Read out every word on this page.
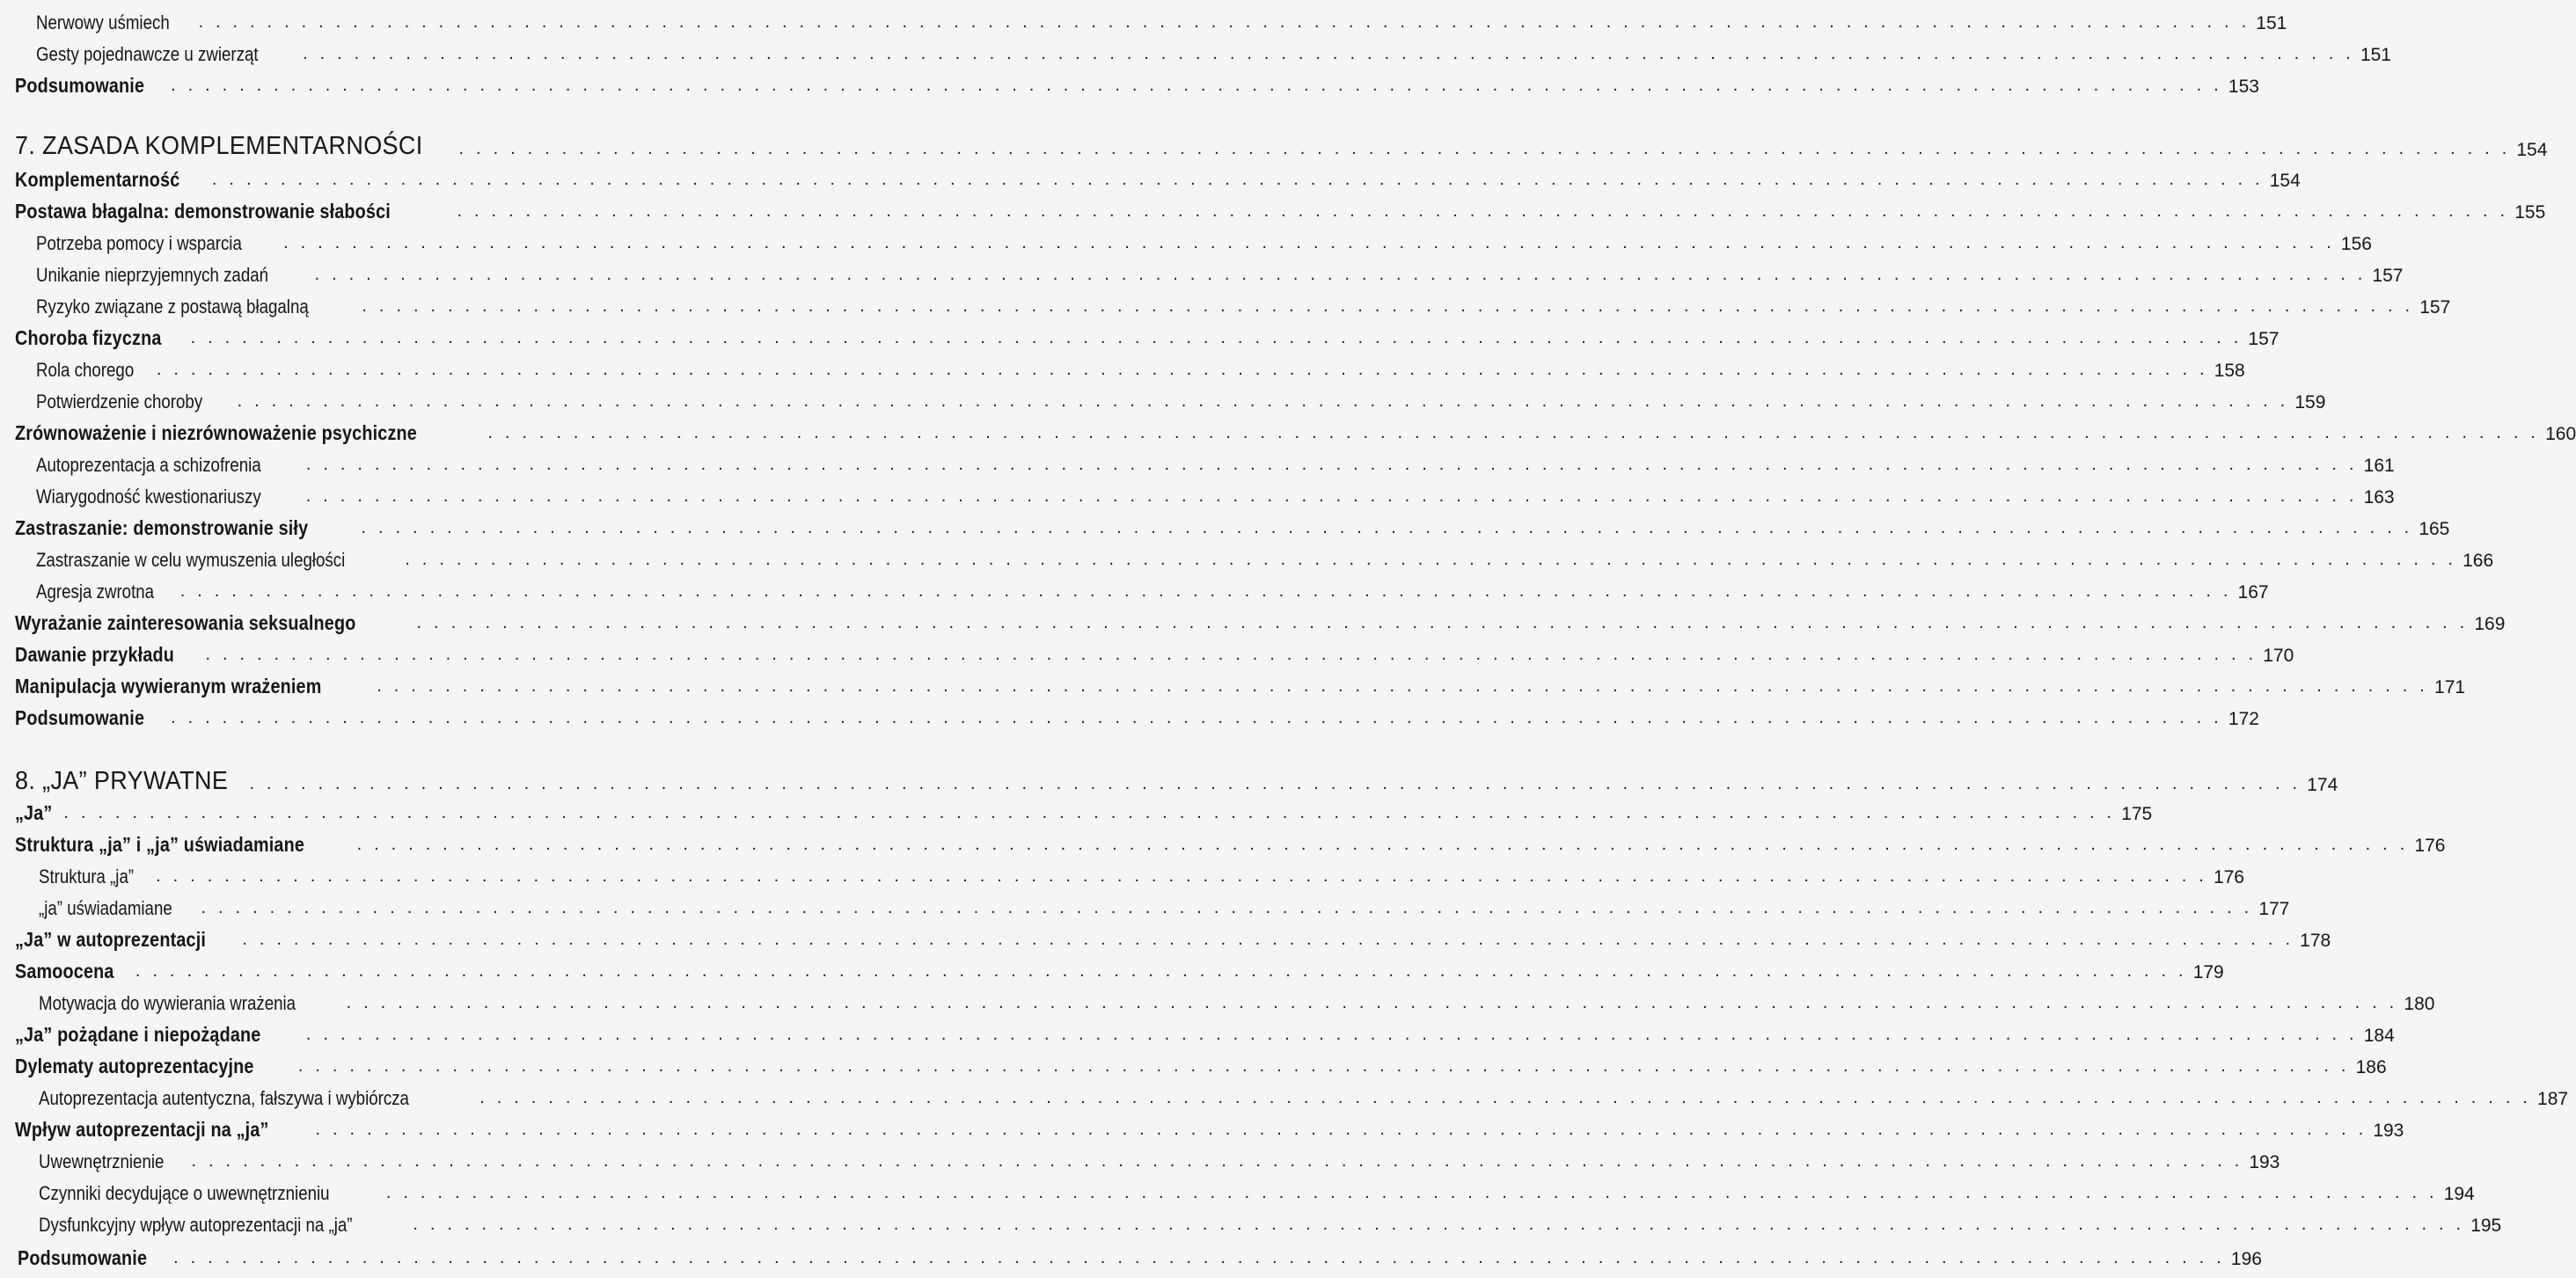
Nerwowy uśmiech . . . . . . . . . . . . . . . . . . . . . . . . . . . . . . . . . . . . . . . . . . . . . . . . . . . . . . . . . . . . . . . . . . . . . . . . . . . . . . . . . . . . . . . . . . . . . . . . . . . . . . . . . . . . . . . . . . . . . . . . 151
Gesty pojednawcze u zwierząt	. . . . . . . . . . . . . . . . . . . . . . . . . . . . . . . . . . . . . . . . . . . . . . . . . . . . . . . . . . . . . . . . . . . . . . . . . . . . . . . . . . . . . . . . . . . . . . . . . . . . . . . . . . . . . . . . . . . . . . . . 151
Podsumowanie . . . . . . . . . . . . . . . . . . . . . . . . . . . . . . . . . . . . . . . . . . . . . . . . . . . . . . . . . . . . . . . . . . . . . . . . . . . . . . . . . . . . . . . . . . . . . . . . . . . . . . . . . . . . . . . . . . . . . . . . 153
7. ZASADA KOMPLEMENTARNOŚCI . . . . . . . . . . . . . . . . . . . . . . . . . . . . . . . . . . . . . . . . . . . . . . . . . . . . . . . . . . . . . . . . . . . . . . . . . . . . . . . . . . . . . . . . . . . . . . . . . . . . . . . . . . . . . . . . . . . . . . . . 154
Komplementarność . . . . . . . . . . . . . . . . . . . . . . . . . . . . . . . . . . . . . . . . . . . . . . . . . . . . . . . . . . . . . . . . . . . . . . . . . . . . . . . . . . . . . . . . . . . . . . . . . . . . . . . . . . . . . . . . . . . . . . . . 154
Postawa błagalna: demonstrowanie słabości	. . . . . . . . . . . . . . . . . . . . . . . . . . . . . . . . . . . . . . . . . . . . . . . . . . . . . . . . . . . . . . . . . . . . . . . . . . . . . . . . . . . . . . . . . . . . . . . . . . . . . . . . . . . . . . . . . . . . . . . . 155
Potrzeba pomocy i wsparcia . . . . . . . . . . . . . . . . . . . . . . . . . . . . . . . . . . . . . . . . . . . . . . . . . . . . . . . . . . . . . . . . . . . . . . . . . . . . . . . . . . . . . . . . . . . . . . . . . . . . . . . . . . . . . . . . . . . . . . . . 156
Unikanie nieprzyjemnych zadań	. . . . . . . . . . . . . . . . . . . . . . . . . . . . . . . . . . . . . . . . . . . . . . . . . . . . . . . . . . . . . . . . . . . . . . . . . . . . . . . . . . . . . . . . . . . . . . . . . . . . . . . . . . . . . . . . . . . . . . . . 157
Ryzyko związane z postawą błagalną	. . . . . . . . . . . . . . . . . . . . . . . . . . . . . . . . . . . . . . . . . . . . . . . . . . . . . . . . . . . . . . . . . . . . . . . . . . . . . . . . . . . . . . . . . . . . . . . . . . . . . . . . . . . . . . . . . . . . . . . . 157
Choroba fizyczna . . . . . . . . . . . . . . . . . . . . . . . . . . . . . . . . . . . . . . . . . . . . . . . . . . . . . . . . . . . . . . . . . . . . . . . . . . . . . . . . . . . . . . . . . . . . . . . . . . . . . . . . . . . . . . . . . . . . . . . . 157
Rola chorego . . . . . . . . . . . . . . . . . . . . . . . . . . . . . . . . . . . . . . . . . . . . . . . . . . . . . . . . . . . . . . . . . . . . . . . . . . . . . . . . . . . . . . . . . . . . . . . . . . . . . . . . . . . . . . . . . . . . . . . . 158
Potwierdzenie choroby . . . . . . . . . . . . . . . . . . . . . . . . . . . . . . . . . . . . . . . . . . . . . . . . . . . . . . . . . . . . . . . . . . . . . . . . . . . . . . . . . . . . . . . . . . . . . . . . . . . . . . . . . . . . . . . . . . . . . . . . 159
Zrównoważenie i niezrównoważenie psychiczne	. . . . . . . . . . . . . . . . . . . . . . . . . . . . . . . . . . . . . . . . . . . . . . . . . . . . . . . . . . . . . . . . . . . . . . . . . . . . . . . . . . . . . . . . . . . . . . . . . . . . . . . . . . . . . . . . . . . . . . . . 160
Autoprezentacja a schizofrenia	. . . . . . . . . . . . . . . . . . . . . . . . . . . . . . . . . . . . . . . . . . . . . . . . . . . . . . . . . . . . . . . . . . . . . . . . . . . . . . . . . . . . . . . . . . . . . . . . . . . . . . . . . . . . . . . . . . . . . . . . 161
Wiarygodność kwestionariuszy	. . . . . . . . . . . . . . . . . . . . . . . . . . . . . . . . . . . . . . . . . . . . . . . . . . . . . . . . . . . . . . . . . . . . . . . . . . . . . . . . . . . . . . . . . . . . . . . . . . . . . . . . . . . . . . . . . . . . . . . . 163
Zastraszanie: demonstrowanie siły	. . . . . . . . . . . . . . . . . . . . . . . . . . . . . . . . . . . . . . . . . . . . . . . . . . . . . . . . . . . . . . . . . . . . . . . . . . . . . . . . . . . . . . . . . . . . . . . . . . . . . . . . . . . . . . . . . . . . . . . . 165
Zastraszanie w celu wymuszenia uległości	. . . . . . . . . . . . . . . . . . . . . . . . . . . . . . . . . . . . . . . . . . . . . . . . . . . . . . . . . . . . . . . . . . . . . . . . . . . . . . . . . . . . . . . . . . . . . . . . . . . . . . . . . . . . . . . . . . . . . . . . 166
Agresja zwrotna . . . . . . . . . . . . . . . . . . . . . . . . . . . . . . . . . . . . . . . . . . . . . . . . . . . . . . . . . . . . . . . . . . . . . . . . . . . . . . . . . . . . . . . . . . . . . . . . . . . . . . . . . . . . . . . . . . . . . . . . 167
Wyrażanie zainteresowania seksualnego	. . . . . . . . . . . . . . . . . . . . . . . . . . . . . . . . . . . . . . . . . . . . . . . . . . . . . . . . . . . . . . . . . . . . . . . . . . . . . . . . . . . . . . . . . . . . . . . . . . . . . . . . . . . . . . . . . . . . . . . . 169
Dawanie przykładu . . . . . . . . . . . . . . . . . . . . . . . . . . . . . . . . . . . . . . . . . . . . . . . . . . . . . . . . . . . . . . . . . . . . . . . . . . . . . . . . . . . . . . . . . . . . . . . . . . . . . . . . . . . . . . . . . . . . . . . . 170
Manipulacja wywieranym wrażeniem	. . . . . . . . . . . . . . . . . . . . . . . . . . . . . . . . . . . . . . . . . . . . . . . . . . . . . . . . . . . . . . . . . . . . . . . . . . . . . . . . . . . . . . . . . . . . . . . . . . . . . . . . . . . . . . . . . . . . . . . . 171
Podsumowanie . . . . . . . . . . . . . . . . . . . . . . . . . . . . . . . . . . . . . . . . . . . . . . . . . . . . . . . . . . . . . . . . . . . . . . . . . . . . . . . . . . . . . . . . . . . . . . . . . . . . . . . . . . . . . . . . . . . . . . . . 172
8. „JA” PRYWATNE . . . . . . . . . . . . . . . . . . . . . . . . . . . . . . . . . . . . . . . . . . . . . . . . . . . . . . . . . . . . . . . . . . . . . . . . . . . . . . . . . . . . . . . . . . . . . . . . . . . . . . . . . . . . . . . . . . . . . . . . 174
„Ja” . . . . . . . . . . . . . . . . . . . . . . . . . . . . . . . . . . . . . . . . . . . . . . . . . . . . . . . . . . . . . . . . . . . . . . . . . . . . . . . . . . . . . . . . . . . . . . . . . . . . . . . . . . . . . . . . . . . . . . . . 175
Struktura „ja” i „ja” uświadamiane	. . . . . . . . . . . . . . . . . . . . . . . . . . . . . . . . . . . . . . . . . . . . . . . . . . . . . . . . . . . . . . . . . . . . . . . . . . . . . . . . . . . . . . . . . . . . . . . . . . . . . . . . . . . . . . . . . . . . . . . . 176
Struktura „ja” . . . . . . . . . . . . . . . . . . . . . . . . . . . . . . . . . . . . . . . . . . . . . . . . . . . . . . . . . . . . . . . . . . . . . . . . . . . . . . . . . . . . . . . . . . . . . . . . . . . . . . . . . . . . . . . . . . . . . . . . 176
„ja” uświadamiane . . . . . . . . . . . . . . . . . . . . . . . . . . . . . . . . . . . . . . . . . . . . . . . . . . . . . . . . . . . . . . . . . . . . . . . . . . . . . . . . . . . . . . . . . . . . . . . . . . . . . . . . . . . . . . . . . . . . . . . . 177
„Ja” w autoprezentacji . . . . . . . . . . . . . . . . . . . . . . . . . . . . . . . . . . . . . . . . . . . . . . . . . . . . . . . . . . . . . . . . . . . . . . . . . . . . . . . . . . . . . . . . . . . . . . . . . . . . . . . . . . . . . . . . . . . . . . . . 178
Samoocena . . . . . . . . . . . . . . . . . . . . . . . . . . . . . . . . . . . . . . . . . . . . . . . . . . . . . . . . . . . . . . . . . . . . . . . . . . . . . . . . . . . . . . . . . . . . . . . . . . . . . . . . . . . . . . . . . . . . . . . . 179
Motywacja do wywierania wrażenia	. . . . . . . . . . . . . . . . . . . . . . . . . . . . . . . . . . . . . . . . . . . . . . . . . . . . . . . . . . . . . . . . . . . . . . . . . . . . . . . . . . . . . . . . . . . . . . . . . . . . . . . . . . . . . . . . . . . . . . . . 180
„Ja” pożądane i niepożądane	. . . . . . . . . . . . . . . . . . . . . . . . . . . . . . . . . . . . . . . . . . . . . . . . . . . . . . . . . . . . . . . . . . . . . . . . . . . . . . . . . . . . . . . . . . . . . . . . . . . . . . . . . . . . . . . . . . . . . . . . 184
Dylematy autoprezentacyjne	. . . . . . . . . . . . . . . . . . . . . . . . . . . . . . . . . . . . . . . . . . . . . . . . . . . . . . . . . . . . . . . . . . . . . . . . . . . . . . . . . . . . . . . . . . . . . . . . . . . . . . . . . . . . . . . . . . . . . . . . 186
Autoprezentacja autentyczna, fałszywa i wybiórcza	. . . . . . . . . . . . . . . . . . . . . . . . . . . . . . . . . . . . . . . . . . . . . . . . . . . . . . . . . . . . . . . . . . . . . . . . . . . . . . . . . . . . . . . . . . . . . . . . . . . . . . . . . . . . . . . . . . . . . . . . 187
Wpływ autoprezentacji na „ja”	. . . . . . . . . . . . . . . . . . . . . . . . . . . . . . . . . . . . . . . . . . . . . . . . . . . . . . . . . . . . . . . . . . . . . . . . . . . . . . . . . . . . . . . . . . . . . . . . . . . . . . . . . . . . . . . . . . . . . . . . 193
Uwewnętrznienie . . . . . . . . . . . . . . . . . . . . . . . . . . . . . . . . . . . . . . . . . . . . . . . . . . . . . . . . . . . . . . . . . . . . . . . . . . . . . . . . . . . . . . . . . . . . . . . . . . . . . . . . . . . . . . . . . . . . . . . . 193
Czynniki decydujące o uwewnętrznieniu	. . . . . . . . . . . . . . . . . . . . . . . . . . . . . . . . . . . . . . . . . . . . . . . . . . . . . . . . . . . . . . . . . . . . . . . . . . . . . . . . . . . . . . . . . . . . . . . . . . . . . . . . . . . . . . . . . . . . . . . . 194
Dysfunkcyjny wpływ autoprezentacji na „ja”	. . . . . . . . . . . . . . . . . . . . . . . . . . . . . . . . . . . . . . . . . . . . . . . . . . . . . . . . . . . . . . . . . . . . . . . . . . . . . . . . . . . . . . . . . . . . . . . . . . . . . . . . . . . . . . . . . . . . . . . . 195
Podsumowanie . . . . . . . . . . . . . . . . . . . . . . . . . . . . . . . . . . . . . . . . . . . . . . . . . . . . . . . . . . . . . . . . . . . . . . . . . . . . . . . . . . . . . . . . . . . . . . . . . . . . . . . . . . . . . . . . . . . . . . . . 196
